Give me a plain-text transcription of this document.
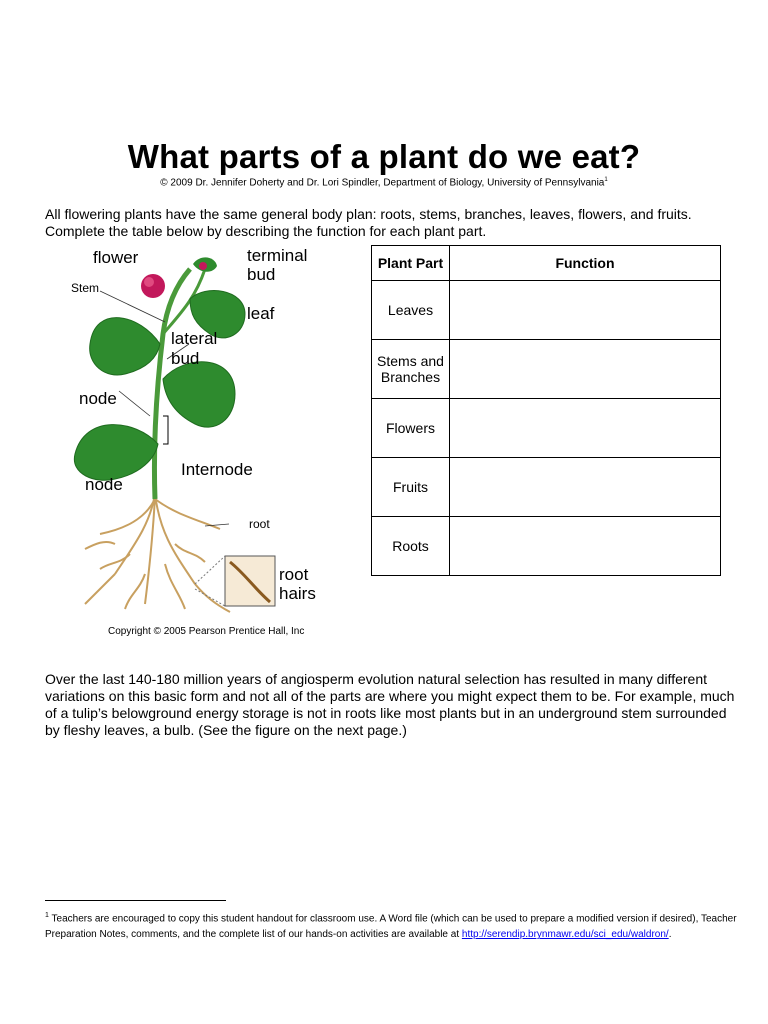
What parts of a plant do we eat?
© 2009 Dr. Jennifer Doherty and Dr. Lori Spindler, Department of Biology, University of Pennsylvania$^1$
All flowering plants have the same general body plan: roots, stems, branches, leaves, flowers, and fruits. Complete the table below by describing the function for each plant part.
flower	terminal
bud
Stem
leaf
lateral
bud
node
Internode
node
root
root
hairs
Copyright © 2005 Pearson Prentice Hall, Inc
Plant Part	Function
Leaves	
Stems and Branches	
Flowers	
Fruits	
Roots	
Over the last 140-180 million years of angiosperm evolution natural selection has resulted in many different variations on this basic form and not all of the parts are where you might expect them to be. For example, much of a tulip’s belowground energy storage is not in roots like most plants but in an underground stem surrounded by fleshy leaves, a bulb. (See the figure on the next page.)
$^1$ Teachers are encouraged to copy this student handout for classroom use. A Word file (which can be used to prepare a modified version if desired), Teacher Preparation Notes, comments, and the complete list of our hands-on activities are available at http://serendip.brynmawr.edu/sci_edu/waldron/.
